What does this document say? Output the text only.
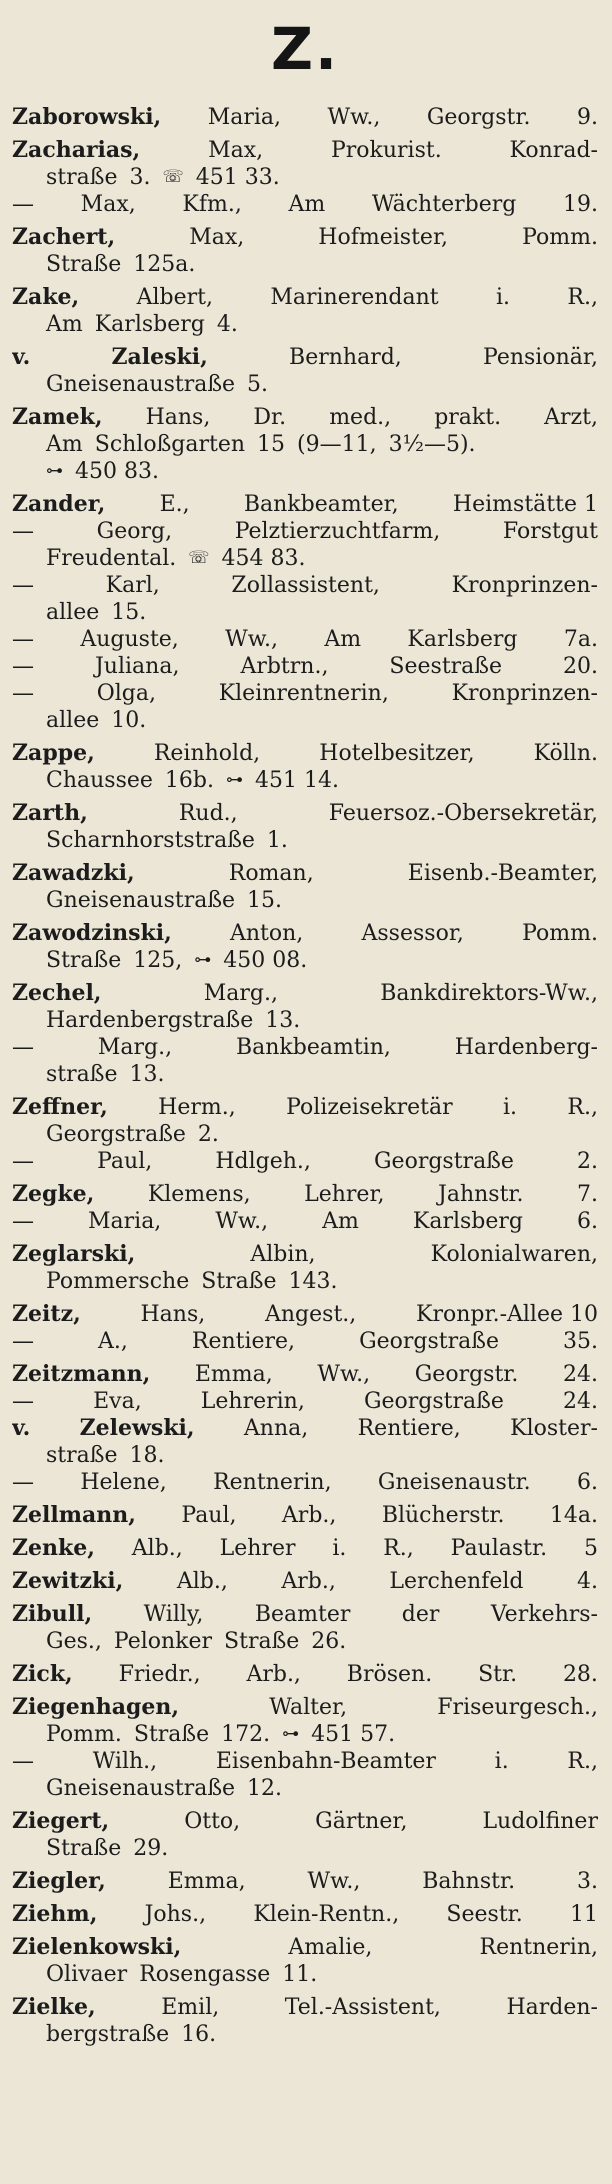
Z.
Zaborowski, Maria, Ww., Georgstr. 9.
Zacharias,	Max,	Prokurist.	Konrad-
straße 3. ☏ 451 33.
— Max, Kfm., Am Wächterberg 19.
Zachert,	Max,	Hofmeister,	Pomm.
Straße 125a.
Zake,	Albert,	Marinerendant	i.	R.,
Am Karlsberg 4.
v.	Zaleski,	Bernhard,	Pensionär,
Gneisenaustraße 5.
Zamek, Hans, Dr. med., prakt. Arzt,
Am Schloßgarten 15 (9—11, 3½—5).
⊶ 450 83.
Zander, E., Bankbeamter, Heimstätte 1
—	Georg,	Pelztierzuchtfarm,	Forstgut
Freudental. ☏ 454 83.
—	Karl,	Zollassistent,	Kronprinzen-
allee 15.
— Auguste, Ww., Am Karlsberg 7a.
—	Juliana,	Arbtrn.,	Seestraße	20.
—	Olga,	Kleinrentnerin,	Kronprinzen-
allee 10.
Zappe,	Reinhold,	Hotelbesitzer,	Kölln.
Chaussee 16b. ⊶ 451 14.
Zarth,	Rud.,	Feuersoz.-Obersekretär,
Scharnhorststraße 1.
Zawadzki,	Roman,	Eisenb.-Beamter,
Gneisenaustraße 15.
Zawodzinski,	Anton,	Assessor,	Pomm.
Straße 125, ⊶ 450 08.
Zechel,	Marg.,	Bankdirektors-Ww.,
Hardenbergstraße 13.
—	Marg.,	Bankbeamtin,	Hardenberg-
straße 13.
Zeffner, Herm., Polizeisekretär i. R.,
Georgstraße 2.
—	Paul,	Hdlgeh.,	Georgstraße	2.
Zegke, Klemens, Lehrer, Jahnstr. 7.
— Maria, Ww., Am Karlsberg 6.
Zeglarski,	Albin,	Kolonialwaren,
Pommersche Straße 143.
Zeitz,	Hans,	Angest.,	Kronpr.-Allee 10
—	A.,	Rentiere,	Georgstraße	35.
Zeitzmann, Emma, Ww., Georgstr. 24.
—	Eva,	Lehrerin,	Georgstraße	24.
v. Zelewski, Anna, Rentiere, Kloster-
straße 18.
— Helene, Rentnerin, Gneisenaustr. 6.
Zellmann, Paul, Arb., Blücherstr. 14a.
Zenke, Alb., Lehrer i. R., Paulastr. 5
Zewitzki, Alb., Arb., Lerchenfeld 4.
Zibull, Willy, Beamter der Verkehrs-
Ges., Pelonker Straße 26.
Zick, Friedr., Arb., Brösen. Str. 28.
Ziegenhagen,	Walter,	Friseurgesch.,
Pomm. Straße 172. ⊶ 451 57.
—	Wilh.,	Eisenbahn-Beamter	i.	R.,
Gneisenaustraße 12.
Ziegert,	Otto,	Gärtner,	Ludolfiner
Straße 29.
Ziegler,	Emma,	Ww.,	Bahnstr.	3.
Ziehm, Johs., Klein-Rentn., Seestr. 11
Zielenkowski,	Amalie,	Rentnerin,
Olivaer Rosengasse 11.
Zielke,	Emil,	Tel.-Assistent,	Harden-
bergstraße 16.
